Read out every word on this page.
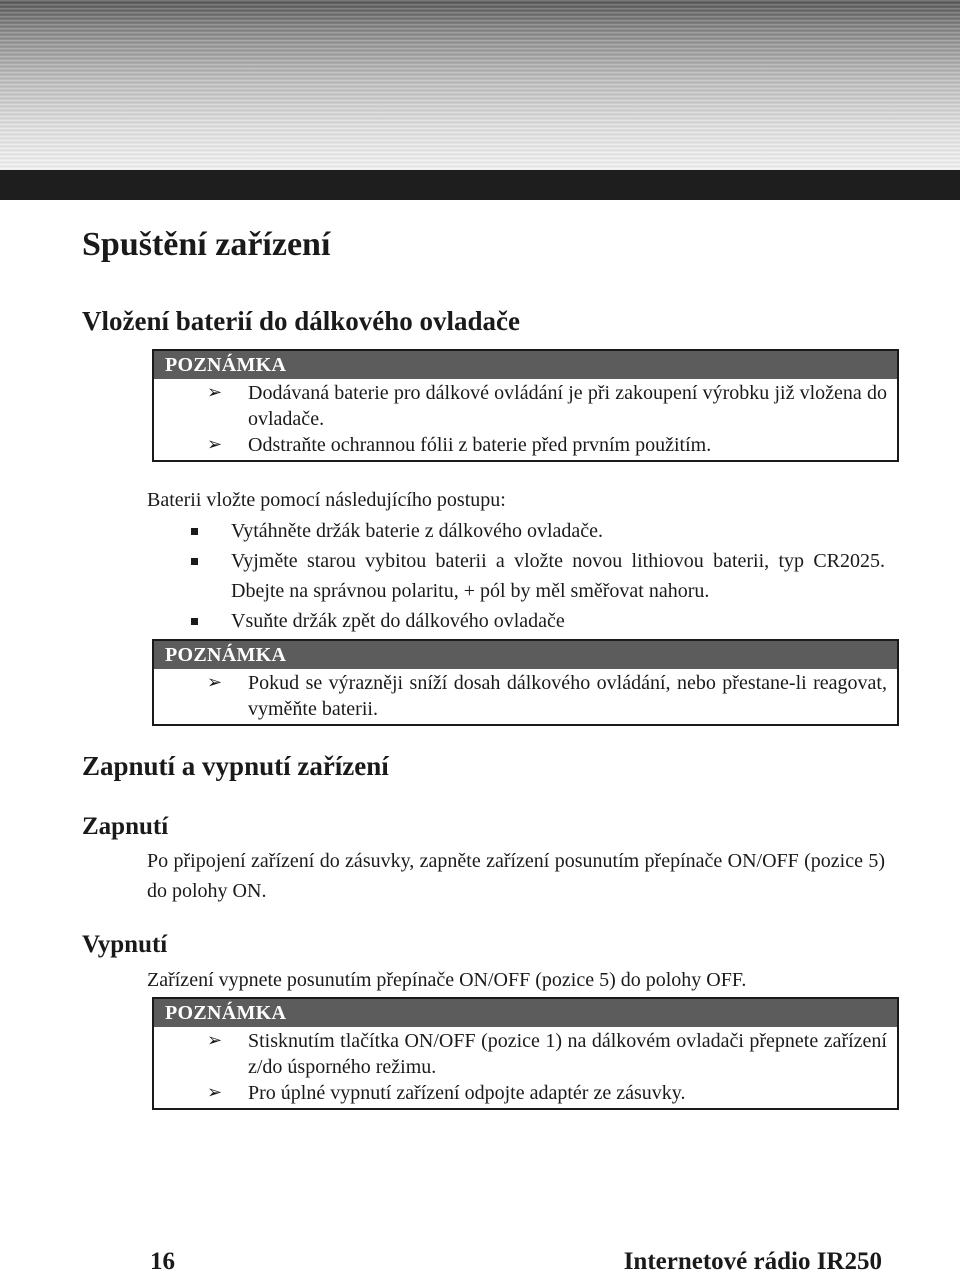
Spuštění zařízení
Vložení baterií do dálkového ovladače
POZNÁMKA
➢ Dodávaná baterie pro dálkové ovládání je při zakoupení výrobku již vložena do ovladače.
➢ Odstraňte ochrannou fólii z baterie před prvním použitím.

Baterii vložte pomocí následujícího postupu:

Vytáhněte držák baterie z dálkového ovladače.
Vyjměte starou vybitou baterii a vložte novou lithiovou baterii, typ CR2025. Dbejte na správnou polaritu, + pól by měl směřovat nahoru.
Vsuňte držák zpět do dálkového ovladače
POZNÁMKA
➢ Pokud se výrazněji sníží dosah dálkového ovládání, nebo přestane-li reagovat, vyměňte baterii.
Zapnutí a vypnutí zařízení
Zapnutí

Po připojení zařízení do zásuvky, zapněte zařízení posunutím přepínače ON/OFF (pozice 5) do polohy ON.

Vypnutí

Zařízení vypnete posunutím přepínače ON/OFF (pozice 5) do polohy OFF.

POZNÁMKA
➢ Stisknutím tlačítka ON/OFF (pozice 1) na dálkovém ovladači přepnete zařízení z/do úsporného režimu.
➢ Pro úplné vypnutí zařízení odpojte adaptér ze zásuvky.
16	Internetové rádio IR250
